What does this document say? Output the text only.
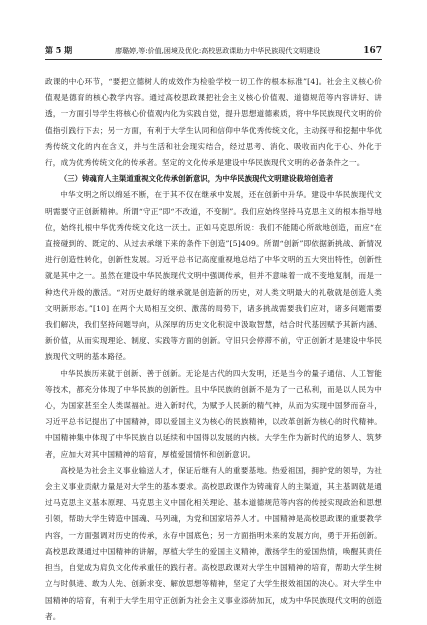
第 5 期	廖璐婷,等:价值,困境及优化:高校思政课助力中华民族现代文明建设	167

政课的中心环节，“要把立德树人的成效作为检验学校一切工作的根本标准”[4]。社会主义核心价值观是德育的核心教学内容。通过高校思政课把社会主义核心价值观、道德规范等内容讲好、讲透，一方面引导学生将核心价值观内化为实践自觉，提升思想道德素质，将中华民族现代文明的价值指引践行下去；另一方面，有利于大学生认同和信仰中华优秀传统文化，主动探寻和挖掘中华优秀传统文化的内在含义，并与生活和社会现实结合，经过思考、消化、吸收而内化于心、外化于行，成为优秀传统文化的传承者。坚定的文化传承是建设中华民族现代文明的必备条件之一。

（三）铸魂育人主渠道重视文化传承创新意识，为中华民族现代文明建设栽培创造者

中华文明之所以绵延不断，在于其不仅在继承中发展，还在创新中升华。建设中华民族现代文明需要守正创新精神。所谓“守正”即“不改道，不变制”。我们应始终坚持马克思主义的根本指导地位，始终扎根中华优秀传统文化这一沃土。正如马克思所说：我们不能随心所欲地创造，而应“在直接碰到的、既定的、从过去承继下来的条件下创造”[5]409。所谓“创新”即依据新挑战、新情况进行创造性转化，创新性发展。习近平总书记高度重视地总结了中华文明的五大突出特性，创新性就是其中之一。虽然在建设中华民族现代文明中强调传承，但并不意味着一成不变地复制，而是一种迭代升级的激活。“对历史最好的继承就是创造新的历史，对人类文明最大的礼敬就是创造人类文明新形态。”[10] 在两个大局相互交织、激荡的局势下，诸多挑战需要我们应对，诸多问题需要我们解决，我们坚持问题导向，从深厚的历史文化积淀中汲取智慧，结合时代基因赋予其新内涵、新价值，从而实现理论、制度、实践等方面的创新。守旧只会停滞不前，守正创新才是建设中华民族现代文明的基本路径。

中华民族历来就于创新、善于创新。无论是古代的四大发明，还是当今的量子通信、人工智能等技术，都充分体现了中华民族的创新性。且中华民族的创新不是为了一己私利，而是以人民为中心，为国家甚至全人类谋福祉。进入新时代，为赋予人民新的精气神，从而为实现中国梦而奋斗，习近平总书记提出了中国精神，即以爱国主义为核心的民族精神，以改革创新为核心的时代精神。中国精神集中体现了中华民族自以延续和中国得以发展的内核。大学生作为新时代的追梦人、筑梦者，应加大对其中国精神的培育，厚植爱国情怀和创新意识。

高校是为社会主义事业输送人才，保证后继有人的重要基地。热爱祖国，拥护党的领导，为社会主义事业贡献力量是对大学生的基本要求。高校思政课作为铸魂育人的主渠道，其主基调就是通过马克思主义基本原理、马克思主义中国化相关理论、基本道德规范等内容的传授实现政治和思想引领，帮助大学生铸造中国魂、马列魂，为党和国家培养人才。中国精神是高校思政课的重要教学内容，一方面强调对历史的传承，永存中国底色；另一方面指明未来的发展方向，勇于开拓创新。高校思政课通过中国精神的讲解，厚植大学生的爱国主义精神，激扬学生的爱国热情，唤醒其责任担当，自觉成为肩负文化传承重任的践行者。高校思政课对大学生中国精神的培育，帮助大学生树立与时俱进、敢为人先、创新求变、解放思想等精神，坚定了大学生报效祖国的决心。对大学生中国精神的培育，有利于大学生用守正创新为社会主义事业添砖加瓦，成为中华民族现代文明的创造者。
